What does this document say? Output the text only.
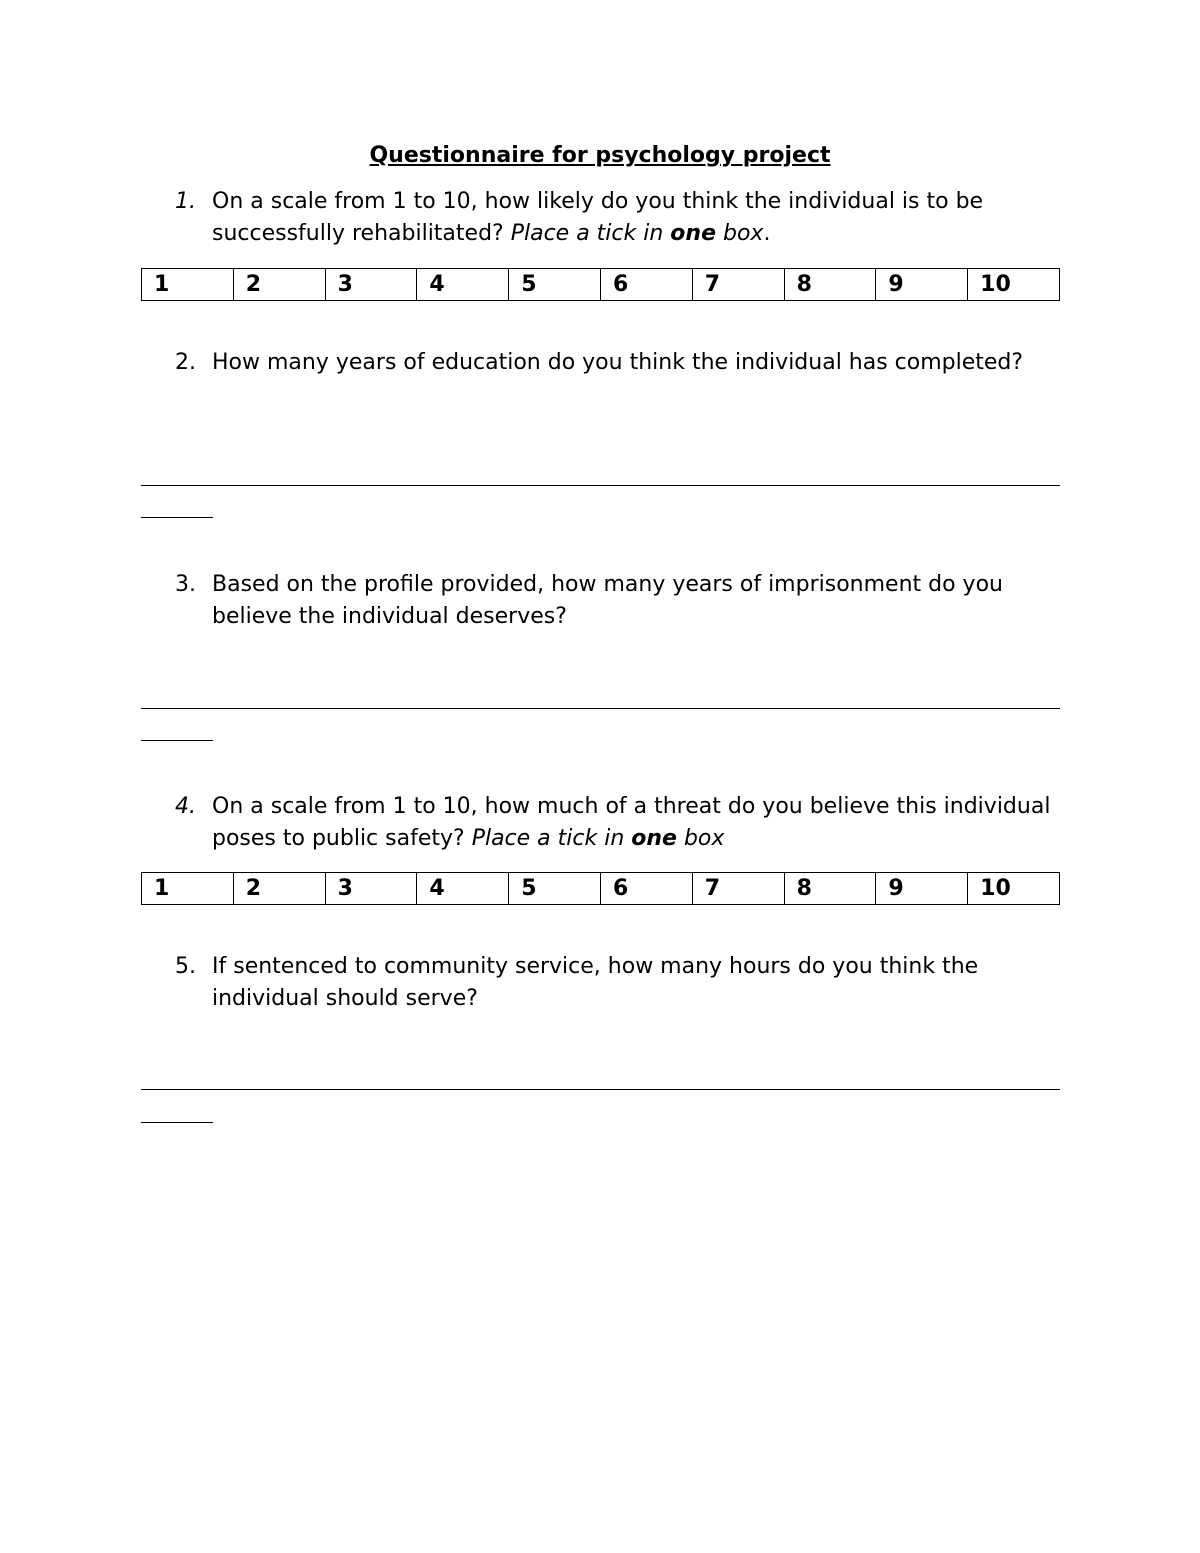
Questionnaire for psychology project
1. On a scale from 1 to 10, how likely do you think the individual is to be successfully rehabilitated? Place a tick in one box.
1	2	3	4	5	6	7	8	9	10
2. How many years of education do you think the individual has completed?
3. Based on the profile provided, how many years of imprisonment do you believe the individual deserves?
4. On a scale from 1 to 10, how much of a threat do you believe this individual poses to public safety? Place a tick in one box
1	2	3	4	5	6	7	8	9	10
5. If sentenced to community service, how many hours do you think the individual should serve?
